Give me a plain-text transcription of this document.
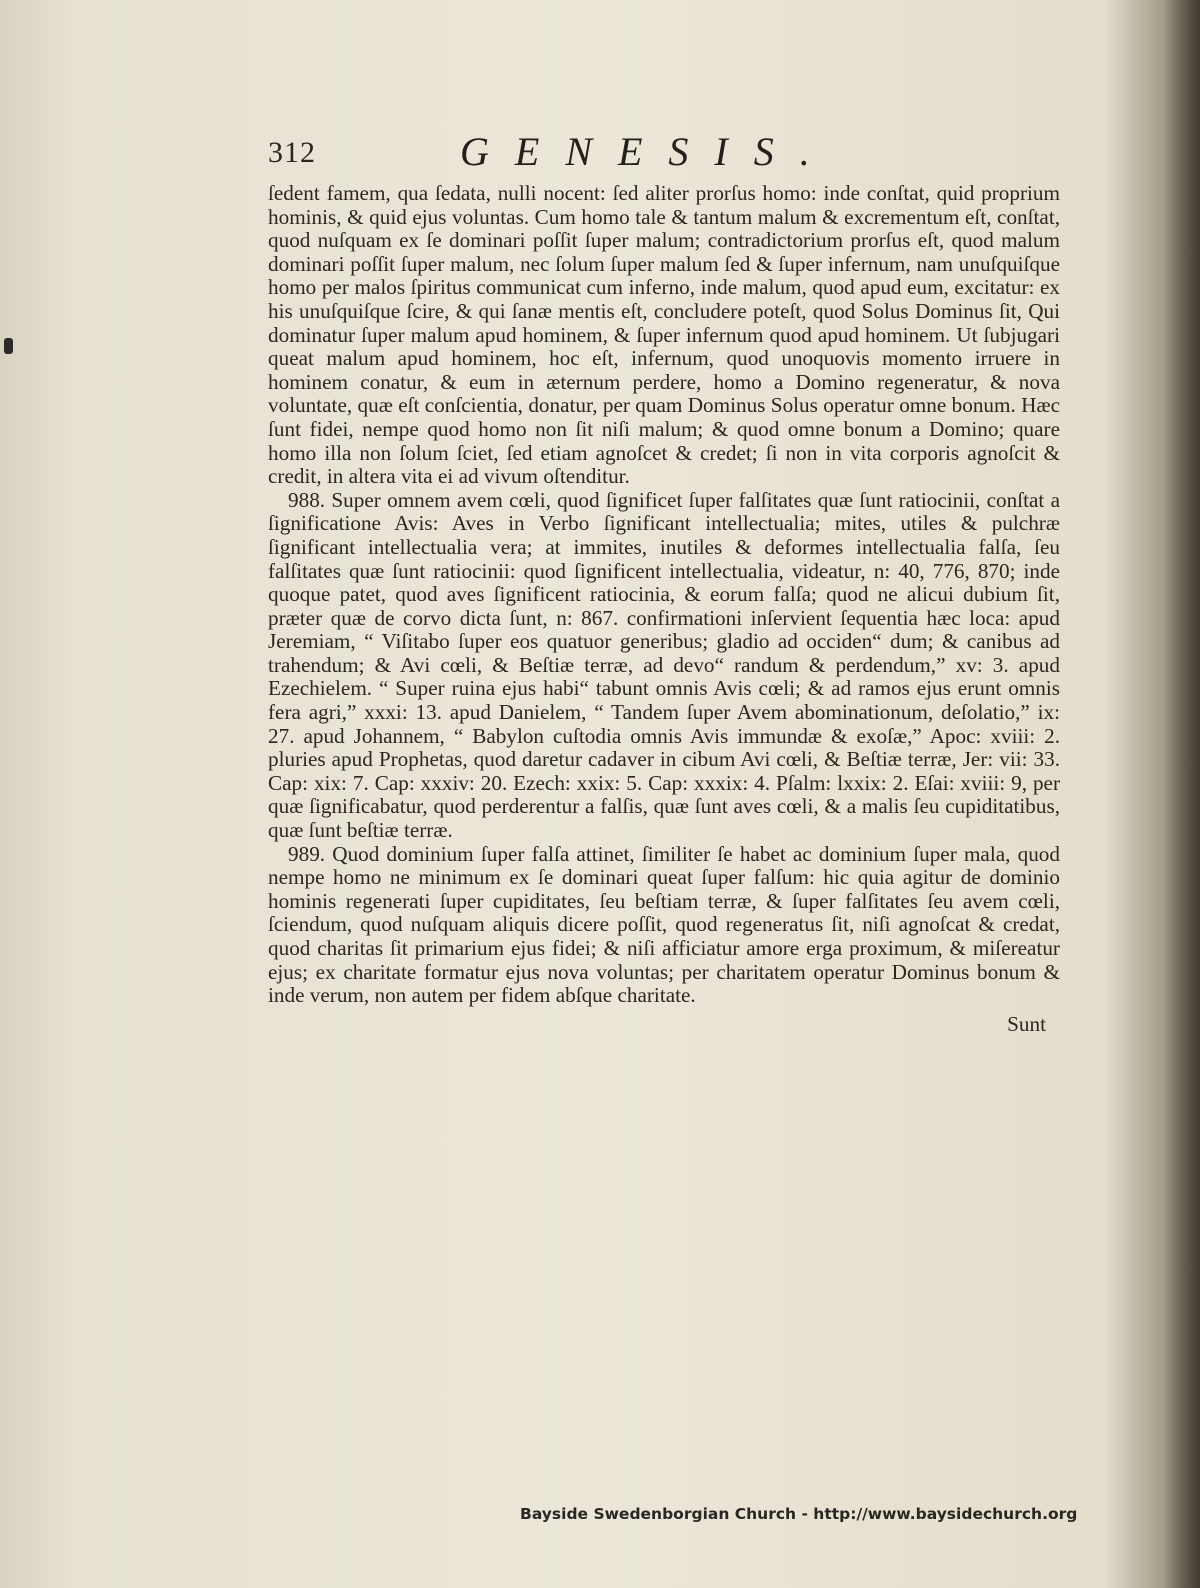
312	GENESIS.

ſedent famem, qua ſedata, nulli nocent: ſed aliter prorſus homo: inde conſtat, quid proprium hominis, & quid ejus voluntas. Cum homo tale & tantum malum & excrementum eſt, conſtat, quod nuſquam ex ſe dominari poſſit ſuper malum; contradictorium prorſus eſt, quod malum dominari poſſit ſuper malum, nec ſolum ſuper malum ſed & ſuper infernum, nam unuſquiſque homo per malos ſpiritus communicat cum inferno, inde malum, quod apud eum, excitatur: ex his unuſquiſque ſcire, & qui ſanæ mentis eſt, concludere poteſt, quod Solus Dominus ſit, Qui dominatur ſuper malum apud hominem, & ſuper infernum quod apud hominem. Ut ſubjugari queat malum apud hominem, hoc eſt, infernum, quod unoquovis momento irruere in hominem conatur, & eum in æternum perdere, homo a Domino regeneratur, & nova voluntate, quæ eſt conſcientia, donatur, per quam Dominus Solus operatur omne bonum. Hæc ſunt fidei, nempe quod homo non ſit niſi malum; & quod omne bonum a Domino; quare homo illa non ſolum ſciet, ſed etiam agnoſcet & credet; ſi non in vita corporis agnoſcit & credit, in altera vita ei ad vivum oſtenditur.

988. Super omnem avem cœli, quod ſignificet ſuper falſitates quæ ſunt ratiocinii, conſtat a ſignificatione Avis: Aves in Verbo ſignificant intellectualia; mites, utiles & pulchræ ſignificant intellectualia vera; at immites, inutiles & deformes intellectualia falſa, ſeu falſitates quæ ſunt ratiocinii: quod ſignificent intellectualia, videatur, n: 40, 776, 870; inde quoque patet, quod aves ſignificent ratiocinia, & eorum falſa; quod ne alicui dubium ſit, præter quæ de corvo dicta ſunt, n: 867. confirmationi inſervient ſequentia hæc loca: apud Jeremiam, “ Viſitabo ſuper eos quatuor generibus; gladio ad occiden“ dum; & canibus ad trahendum; & Avi cœli, & Beſtiæ terræ, ad devo“ randum & perdendum,” xv: 3. apud Ezechielem. “ Super ruina ejus habi“ tabunt omnis Avis cœli; & ad ramos ejus erunt omnis fera agri,” xxxi: 13. apud Danielem, “ Tandem ſuper Avem abominationum, deſolatio,” ix: 27. apud Johannem, “ Babylon cuſtodia omnis Avis immundæ & exoſæ,” Apoc: xviii: 2. pluries apud Prophetas, quod daretur cadaver in cibum Avi cœli, & Beſtiæ terræ, Jer: vii: 33. Cap: xix: 7. Cap: xxxiv: 20. Ezech: xxix: 5. Cap: xxxix: 4. Pſalm: lxxix: 2. Eſai: xviii: 9, per quæ ſignificabatur, quod perderentur a falſis, quæ ſunt aves cœli, & a malis ſeu cupiditatibus, quæ ſunt beſtiæ terræ.

989. Quod dominium ſuper falſa attinet, ſimiliter ſe habet ac dominium ſuper mala, quod nempe homo ne minimum ex ſe dominari queat ſuper falſum: hic quia agitur de dominio hominis regenerati ſuper cupiditates, ſeu beſtiam terræ, & ſuper falſitates ſeu avem cœli, ſciendum, quod nuſquam aliquis dicere poſſit, quod regeneratus ſit, niſi agnoſcat & credat, quod charitas ſit primarium ejus fidei; & niſi afficiatur amore erga proximum, & miſereatur ejus; ex charitate formatur ejus nova voluntas; per charitatem operatur Dominus bonum & inde verum, non autem per fidem abſque charitate.

Sunt
Bayside Swedenborgian Church - http://www.baysidechurch.org
